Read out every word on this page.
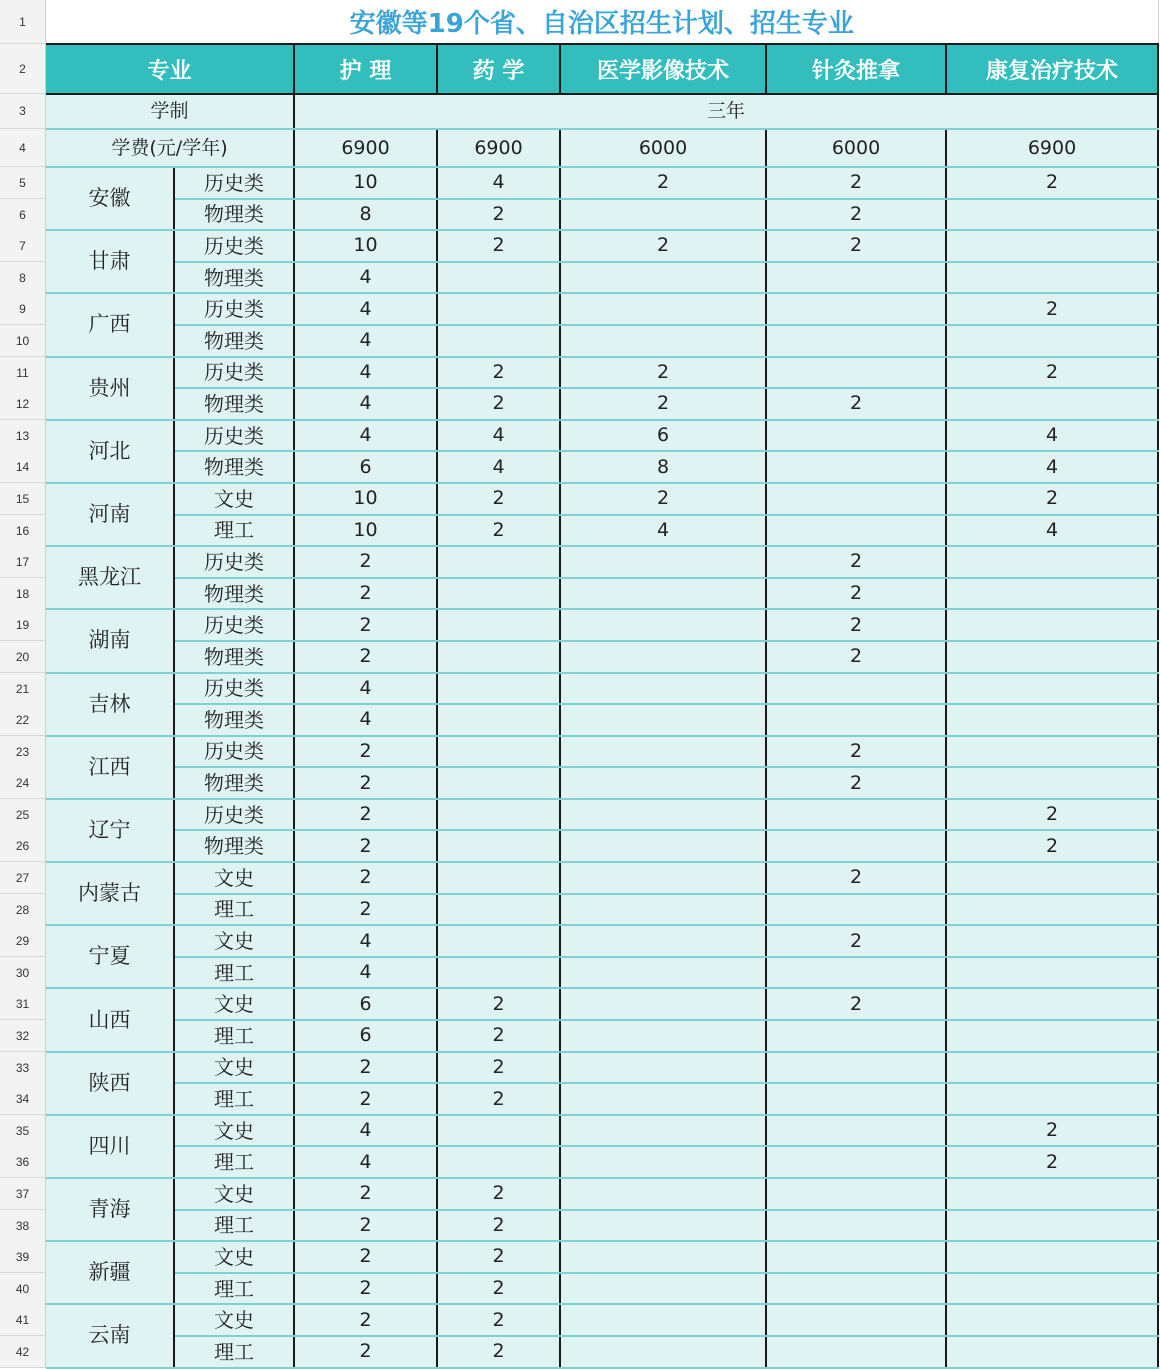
1
2
3
4
5
6
7
8
9
10
11
12
13
14
15
16
17
18
19
20
21
22
23
24
25
26
27
28
29
30
31
32
33
34
35
36
37
38
39
40
41
42
安徽等19个省、自治区招生计划、招生专业						
专业		护 理	药 学	医学影像技术	针灸推拿	康复治疗技术
学制		三年				
学费(元/学年)		6900	6900	6000	6000	6900
安徽	历史类	10	4	2	2	2
	物理类	8	2		2	
甘肃	历史类	10	2	2	2	
	物理类	4				
广西	历史类	4				2
	物理类	4				
贵州	历史类	4	2	2		2
	物理类	4	2	2	2	
河北	历史类	4	4	6		4
	物理类	6	4	8		4
河南	文史	10	2	2		2
	理工	10	2	4		4
黑龙江	历史类	2			2	
	物理类	2			2	
湖南	历史类	2			2	
	物理类	2			2	
吉林	历史类	4				
	物理类	4				
江西	历史类	2			2	
	物理类	2			2	
辽宁	历史类	2				2
	物理类	2				2
内蒙古	文史	2			2	
	理工	2				
宁夏	文史	4			2	
	理工	4				
山西	文史	6	2		2	
	理工	6	2			
陕西	文史	2	2			
	理工	2	2			
四川	文史	4				2
	理工	4				2
青海	文史	2	2			
	理工	2	2			
新疆	文史	2	2			
	理工	2	2			
云南	文史	2	2			
	理工	2	2			
